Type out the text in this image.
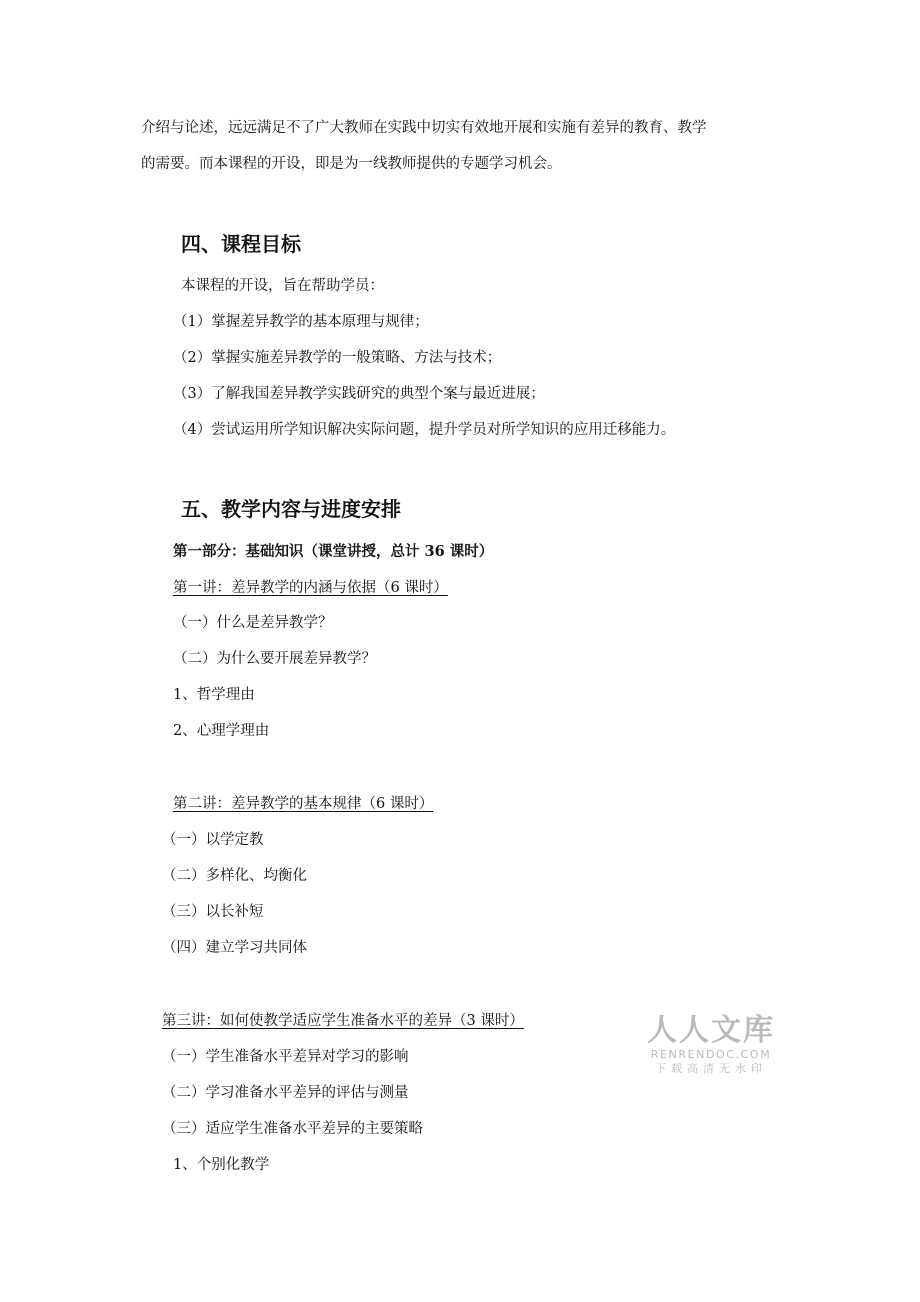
介绍与论述，远远满足不了广大教师在实践中切实有效地开展和实施有差异的教育、教学
的需要。而本课程的开设，即是为一线教师提供的专题学习机会。
四、课程目标
本课程的开设，旨在帮助学员：
（1）掌握差异教学的基本原理与规律；
（2）掌握实施差异教学的一般策略、方法与技术；
（3）了解我国差异教学实践研究的典型个案与最近进展；
（4）尝试运用所学知识解决实际问题，提升学员对所学知识的应用迁移能力。
五、教学内容与进度安排
第一部分：基础知识（课堂讲授，总计 36 课时）
第一讲：差异教学的内涵与依据（6 课时）
（一）什么是差异教学？
（二）为什么要开展差异教学？
1、哲学理由
2、心理学理由
第二讲：差异教学的基本规律（6 课时）
（一）以学定教
（二）多样化、均衡化
（三）以长补短
（四）建立学习共同体
第三讲：如何使教学适应学生准备水平的差异（3 课时）
（一）学生准备水平差异对学习的影响
（二）学习准备水平差异的评估与测量
（三）适应学生准备水平差异的主要策略
1、个别化教学
人人文库
RENRENDOC.COM
下载高清无水印
